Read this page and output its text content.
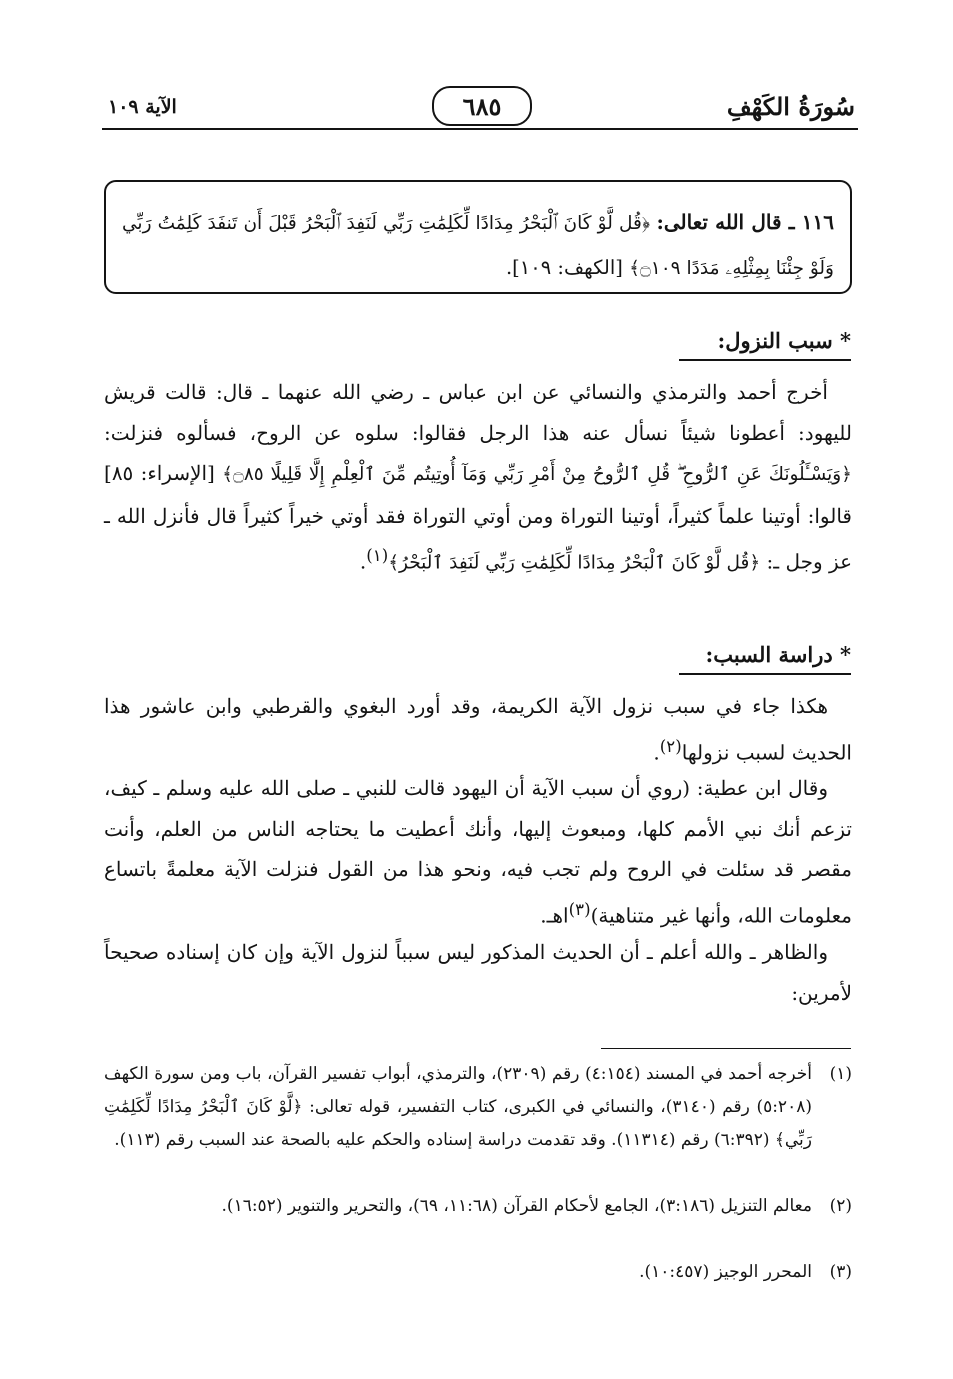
سُورَةُ الكَهْفِ
٦٨٥
الآية ١٠٩

١١٦ ـ قال الله تعالى: ﴿قُل لَّوْ كَانَ ٱلْبَحْرُ مِدَادًا لِّكَلِمَٰتِ رَبِّي لَنَفِدَ ٱلْبَحْرُ قَبْلَ أَن تَنفَدَ كَلِمَٰتُ رَبِّي وَلَوْ جِئْنَا بِمِثْلِهِۦ مَدَدًا ۝١٠٩﴾ [الكهف: ١٠٩].

* سبب النزول:

أخرج أحمد والترمذي والنسائي عن ابن عباس ـ رضي الله عنهما ـ قال: قالت قريش لليهود: أعطونا شيئاً نسأل عنه هذا الرجل فقالوا: سلوه عن الروح، فسألوه فنزلت: ﴿وَيَسْـَٔلُونَكَ عَنِ ٱلرُّوحِ ۖ قُلِ ٱلرُّوحُ مِنْ أَمْرِ رَبِّي وَمَآ أُوتِيتُم مِّنَ ٱلْعِلْمِ إِلَّا قَلِيلًا ۝٨٥﴾ [الإسراء: ٨٥] قالوا: أوتينا علماً كثيراً، أوتينا التوراة ومن أوتي التوراة فقد أوتي خيراً كثيراً قال فأنزل الله ـ عز وجل ـ: ﴿قُل لَّوْ كَانَ ٱلْبَحْرُ مِدَادًا لِّكَلِمَٰتِ رَبِّي لَنَفِدَ ٱلْبَحْرُ﴾$^{(١)}$.

* دراسة السبب:

هكذا جاء في سبب نزول الآية الكريمة، وقد أورد البغوي والقرطبي وابن عاشور هذا الحديث لسبب نزولها$^{(٢)}$.

وقال ابن عطية: (روي أن سبب الآية أن اليهود قالت للنبي ـ صلى الله عليه وسلم ـ كيف، تزعم أنك نبي الأمم كلها، ومبعوث إليها، وأنك أعطيت ما يحتاجه الناس من العلم، وأنت مقصر قد سئلت في الروح ولم تجب فيه، ونحو هذا من القول فنزلت الآية معلمةً باتساع معلومات الله، وأنها غير متناهية)$^{(٣)}$اهـ.

والظاهر ـ والله أعلم ـ أن الحديث المذكور ليس سبباً لنزول الآية وإن كان إسناده صحيحاً لأمرين:

(١)
أخرجه أحمد في المسند (٤:١٥٤) رقم (٢٣٠٩)، والترمذي، أبواب تفسير القرآن، باب ومن سورة الكهف (٥:٢٠٨) رقم (٣١٤٠)، والنسائي في الكبرى، كتاب التفسير، قوله تعالى: ﴿لَّوْ كَانَ ٱلْبَحْرُ مِدَادًا لِّكَلِمَٰتِ رَبِّي﴾ (٦:٣٩٢) رقم (١١٣١٤). وقد تقدمت دراسة إسناده والحكم عليه بالصحة عند السبب رقم (١١٣).

(٢)
معالم التنزيل (٣:١٨٦)، الجامع لأحكام القرآن (١١:٦٨، ٦٩)، والتحرير والتنوير (١٦:٥٢).

(٣)
المحرر الوجيز (١٠:٤٥٧).
